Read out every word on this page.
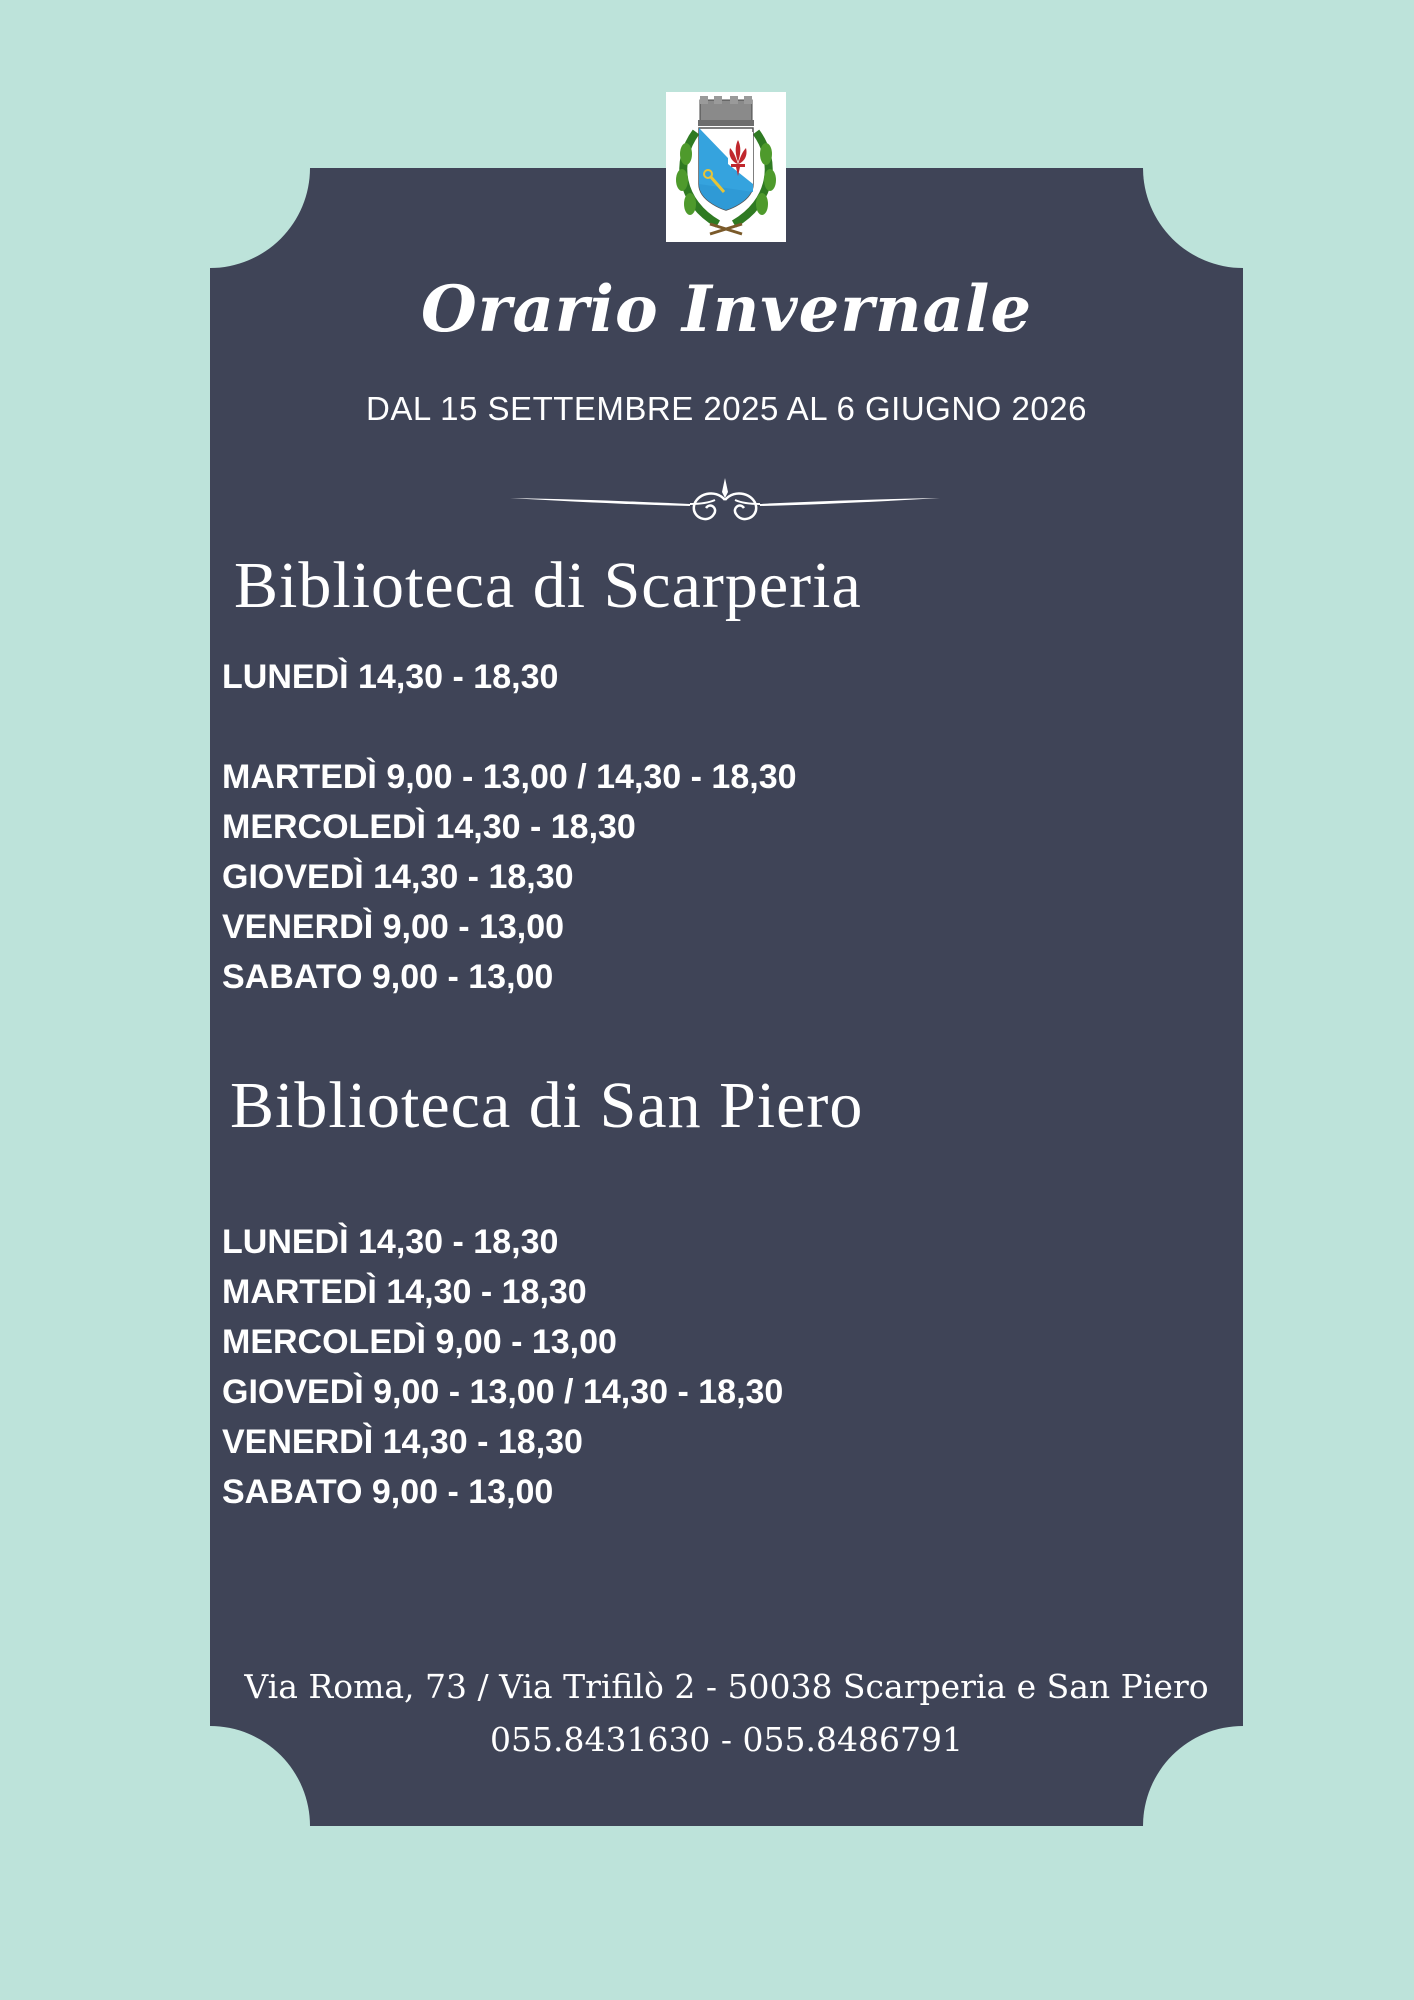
Orario Invernale
DAL 15 SETTEMBRE 2025 AL 6 GIUGNO 2026
Biblioteca di Scarperia
LUNEDÌ 14,30 - 18,30
MARTEDÌ 9,00 - 13,00 / 14,30 - 18,30
MERCOLEDÌ 14,30 - 18,30
GIOVEDÌ 14,30 - 18,30
VENERDÌ 9,00 - 13,00
SABATO 9,00 - 13,00
Biblioteca di San Piero
LUNEDÌ 14,30 - 18,30
MARTEDÌ 14,30 - 18,30
MERCOLEDÌ 9,00 - 13,00
GIOVEDÌ 9,00 - 13,00 / 14,30 - 18,30
VENERDÌ 14,30 - 18,30
SABATO 9,00 - 13,00
Via Roma, 73 / Via Trifilò 2 - 50038 Scarperia e San Piero
055.8431630 - 055.8486791
